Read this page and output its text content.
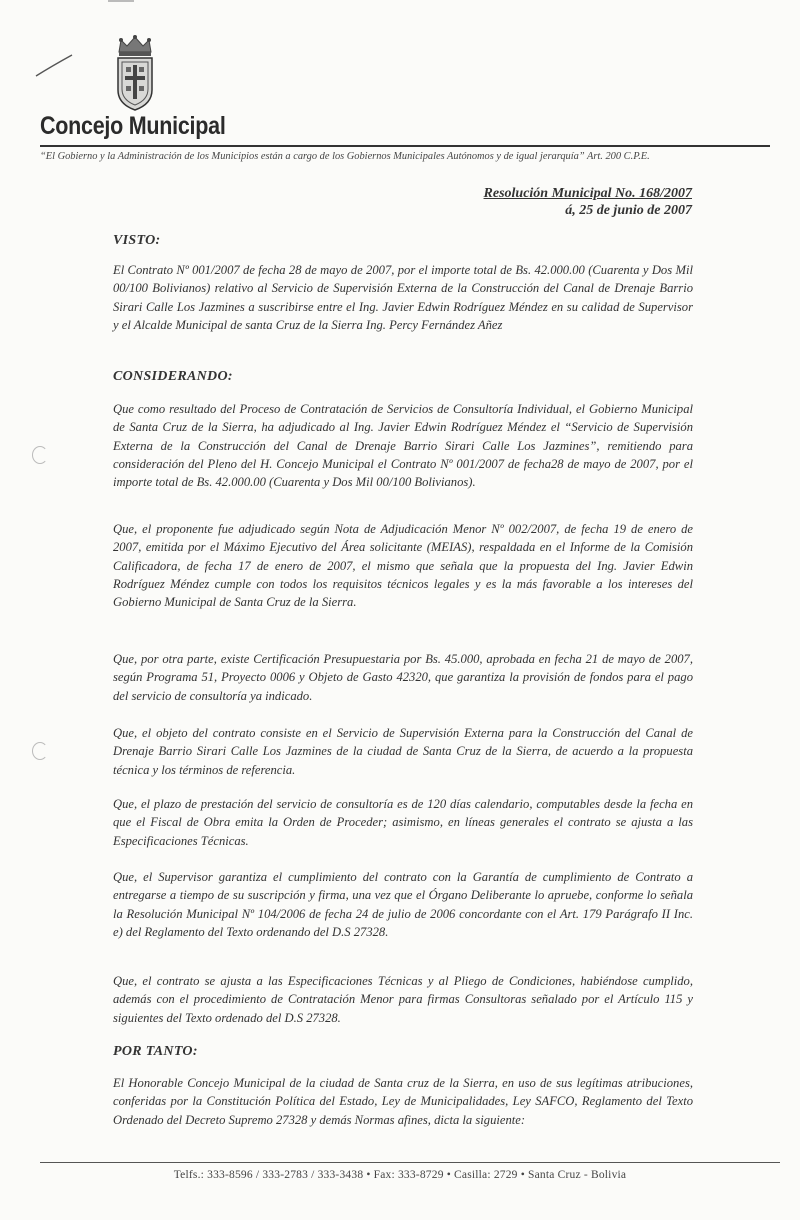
Concejo Municipal
“El Gobierno y la Administración de los Municipios están a cargo de los Gobiernos Municipales Autónomos y de igual jerarquía” Art. 200 C.P.E.
Resolución Municipal No. 168/2007
á, 25 de junio de 2007
VISTO:
El Contrato Nº 001/2007 de fecha 28 de mayo de 2007, por el importe total de Bs. 42.000.00 (Cuarenta y Dos Mil 00/100 Bolivianos) relativo al Servicio de Supervisión Externa de la Construcción del Canal de Drenaje Barrio Sirari Calle Los Jazmines a suscribirse entre el Ing. Javier Edwin Rodríguez Méndez en su calidad de Supervisor y el Alcalde Municipal de santa Cruz de la Sierra Ing. Percy Fernández Añez
CONSIDERANDO:
Que como resultado del Proceso de Contratación de Servicios de Consultoría Individual, el Gobierno Municipal de Santa Cruz de la Sierra, ha adjudicado al Ing. Javier Edwin Rodríguez Méndez el “Servicio de Supervisión Externa de la Construcción del Canal de Drenaje Barrio Sirari Calle Los Jazmines”, remitiendo para consideración del Pleno del H. Concejo Municipal el Contrato Nº 001/2007 de fecha28 de mayo de 2007, por el importe total de Bs. 42.000.00 (Cuarenta y Dos Mil 00/100 Bolivianos).
Que, el proponente fue adjudicado según Nota de Adjudicación Menor Nº 002/2007, de fecha 19 de enero de 2007, emitida por el Máximo Ejecutivo del Área solicitante (MEIAS), respaldada en el Informe de la Comisión Calificadora, de fecha 17 de enero de 2007, el mismo que señala que la propuesta del Ing. Javier Edwin Rodríguez Méndez cumple con todos los requisitos técnicos legales y es la más favorable a los intereses del Gobierno Municipal de Santa Cruz de la Sierra.
Que, por otra parte, existe Certificación Presupuestaria por Bs. 45.000, aprobada en fecha 21 de mayo de 2007, según Programa 51, Proyecto 0006 y Objeto de Gasto 42320, que garantiza la provisión de fondos para el pago del servicio de consultoría ya indicado.
Que, el objeto del contrato consiste en el Servicio de Supervisión Externa para la Construcción del Canal de Drenaje Barrio Sirari Calle Los Jazmines de la ciudad de Santa Cruz de la Sierra, de acuerdo a la propuesta técnica y los términos de referencia.
Que, el plazo de prestación del servicio de consultoría es de 120 días calendario, computables desde la fecha en que el Fiscal de Obra emita la Orden de Proceder; asimismo, en líneas generales el contrato se ajusta a las Especificaciones Técnicas.
Que, el Supervisor garantiza el cumplimiento del contrato con la Garantía de cumplimiento de Contrato a entregarse a tiempo de su suscripción y firma, una vez que el Órgano Deliberante lo apruebe, conforme lo señala la Resolución Municipal Nº 104/2006 de fecha 24 de julio de 2006 concordante con el Art. 179 Parágrafo II Inc. e) del Reglamento del Texto ordenando del D.S 27328.
Que, el contrato se ajusta a las Especificaciones Técnicas y al Pliego de Condiciones, habiéndose cumplido, además con el procedimiento de Contratación Menor para firmas Consultoras señalado por el Artículo 115 y siguientes del Texto ordenado del D.S 27328.
POR TANTO:
El Honorable Concejo Municipal de la ciudad de Santa cruz de la Sierra, en uso de sus legítimas atribuciones, conferidas por la Constitución Política del Estado, Ley de Municipalidades, Ley SAFCO, Reglamento del Texto Ordenado del Decreto Supremo 27328 y demás Normas afines, dicta la siguiente:
Telfs.: 333-8596 / 333-2783 / 333-3438 • Fax: 333-8729 • Casilla: 2729 • Santa Cruz - Bolivia
